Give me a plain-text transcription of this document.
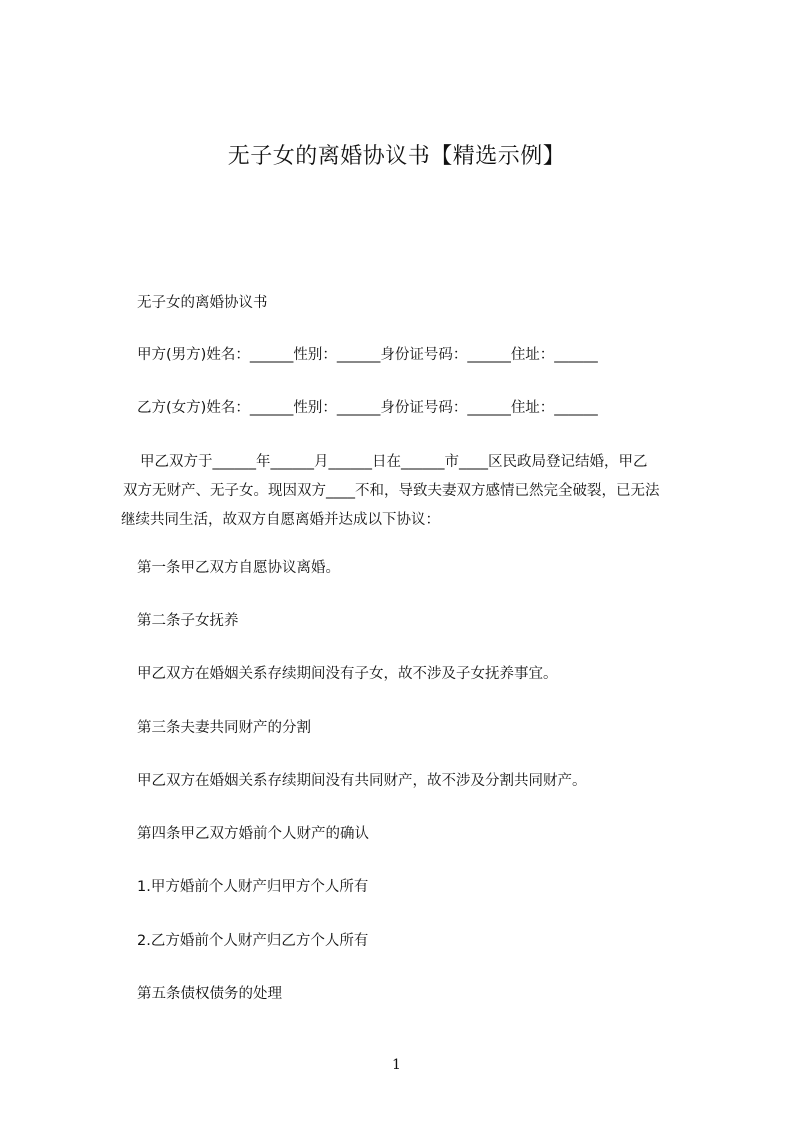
无子女的离婚协议书【精选示例】
无子女的离婚协议书
甲方(男方)姓名：______性别：______身份证号码：______住址：______
乙方(女方)姓名：______性别：______身份证号码：______住址：______
甲乙双方于______年______月______日在______市____区民政局登记结婚，甲乙
双方无财产、无子女。现因双方____不和，导致夫妻双方感情已然完全破裂，已无法
继续共同生活，故双方自愿离婚并达成以下协议：
第一条甲乙双方自愿协议离婚。
第二条子女抚养
甲乙双方在婚姻关系存续期间没有子女，故不涉及子女抚养事宜。
第三条夫妻共同财产的分割
甲乙双方在婚姻关系存续期间没有共同财产，故不涉及分割共同财产。
第四条甲乙双方婚前个人财产的确认
1.甲方婚前个人财产归甲方个人所有
2.乙方婚前个人财产归乙方个人所有
第五条债权债务的处理
1
